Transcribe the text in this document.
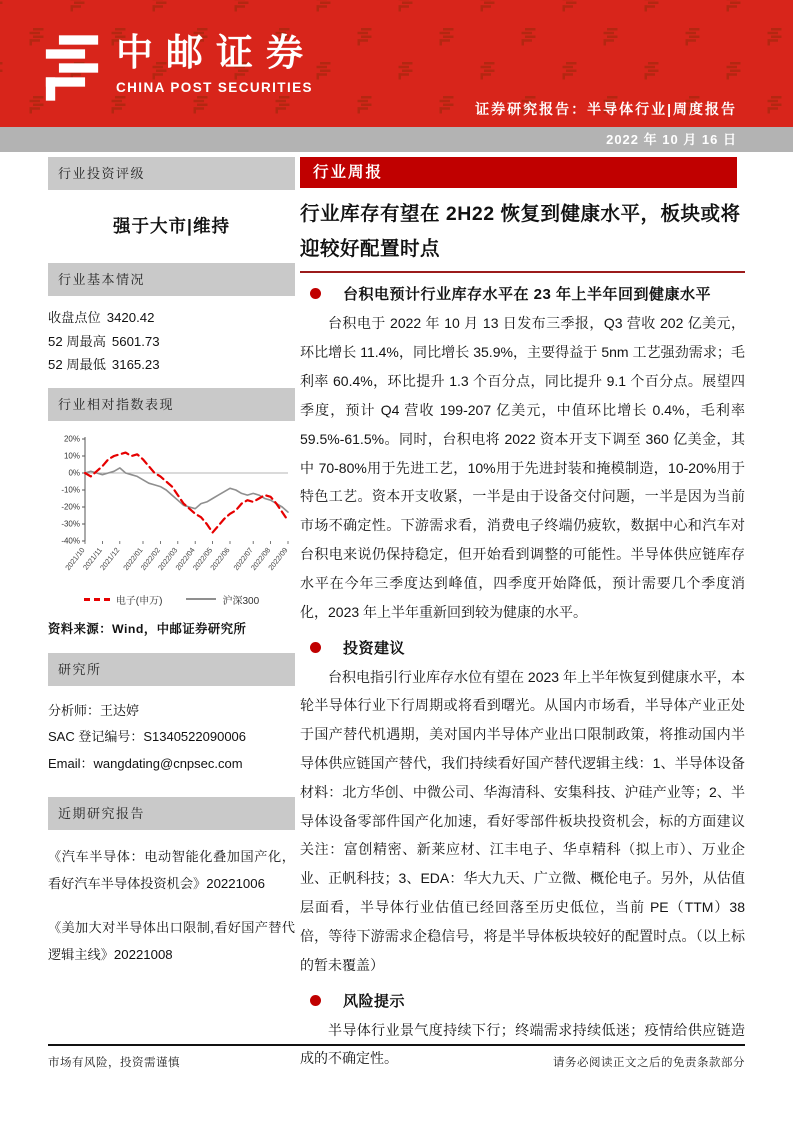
中邮证券
CHINA POST SECURITIES
证券研究报告：半导体行业|周度报告
2022 年 10 月 16 日
行业投资评级
强于大市|维持
行业基本情况
收盘点位 3420.42
52 周最高 5601.73
52 周最低 3165.23
行业相对指数表现
20%
10%
0%
-10%
-20%
-30%
-40%
2021/10
2021/11
2021/12 2022/01
2022/02
2022/03
2022/04
2022/05
2022/06 2022/07
2022/08
2022/09
电子(申万)	沪深300
资料来源：Wind，中邮证券研究所
研究所
分析师：王达婷
SAC 登记编号：S1340522090006
Email：wangdating@cnpsec.com
近期研究报告
《汽车半导体：电动智能化叠加国产化，看好汽车半导体投资机会》20221006
《美加大对半导体出口限制,看好国产替代逻辑主线》20221008
行业周报
行业库存有望在 2H22 恢复到健康水平，板块或将迎较好配置时点
台积电预计行业库存水平在 23 年上半年回到健康水平

台积电于 2022 年 10 月 13 日发布三季报，Q3 营收 202 亿美元，环比增长 11.4%，同比增长 35.9%，主要得益于 5nm 工艺强劲需求；毛利率 60.4%，环比提升 1.3 个百分点，同比提升 9.1 个百分点。展望四季度，预计 Q4 营收 199-207 亿美元，中值环比增长 0.4%，毛利率 59.5%-61.5%。同时，台积电将 2022 资本开支下调至 360 亿美金，其中 70-80%用于先进工艺，10%用于先进封装和掩模制造，10-20%用于特色工艺。资本开支收紧，一半是由于设备交付问题，一半是因为当前市场不确定性。下游需求看，消费电子终端仍疲软，数据中心和汽车对台积电来说仍保持稳定，但开始看到调整的可能性。半导体供应链库存水平在今年三季度达到峰值，四季度开始降低，预计需要几个季度消化，2023 年上半年重新回到较为健康的水平。

投资建议

台积电指引行业库存水位有望在 2023 年上半年恢复到健康水平，本轮半导体行业下行周期或将看到曙光。从国内市场看，半导体产业正处于国产替代机遇期，美对国内半导体产业出口限制政策，将推动国内半导体供应链国产替代，我们持续看好国产替代逻辑主线：1、半导体设备材料：北方华创、中微公司、华海清科、安集科技、沪硅产业等；2、半导体设备零部件国产化加速，看好零部件板块投资机会，标的方面建议关注：富创精密、新莱应材、江丰电子、华卓精科（拟上市）、万业企业、正帆科技；3、EDA：华大九天、广立微、概伦电子。另外，从估值层面看，半导体行业估值已经回落至历史低位，当前 PE（TTM）38 倍，等待下游需求企稳信号，将是半导体板块较好的配置时点。（以上标的暂未覆盖）

风险提示

半导体行业景气度持续下行；终端需求持续低迷；疫情给供应链造成的不确定性。

市场有风险，投资需谨慎	请务必阅读正文之后的免责条款部分
